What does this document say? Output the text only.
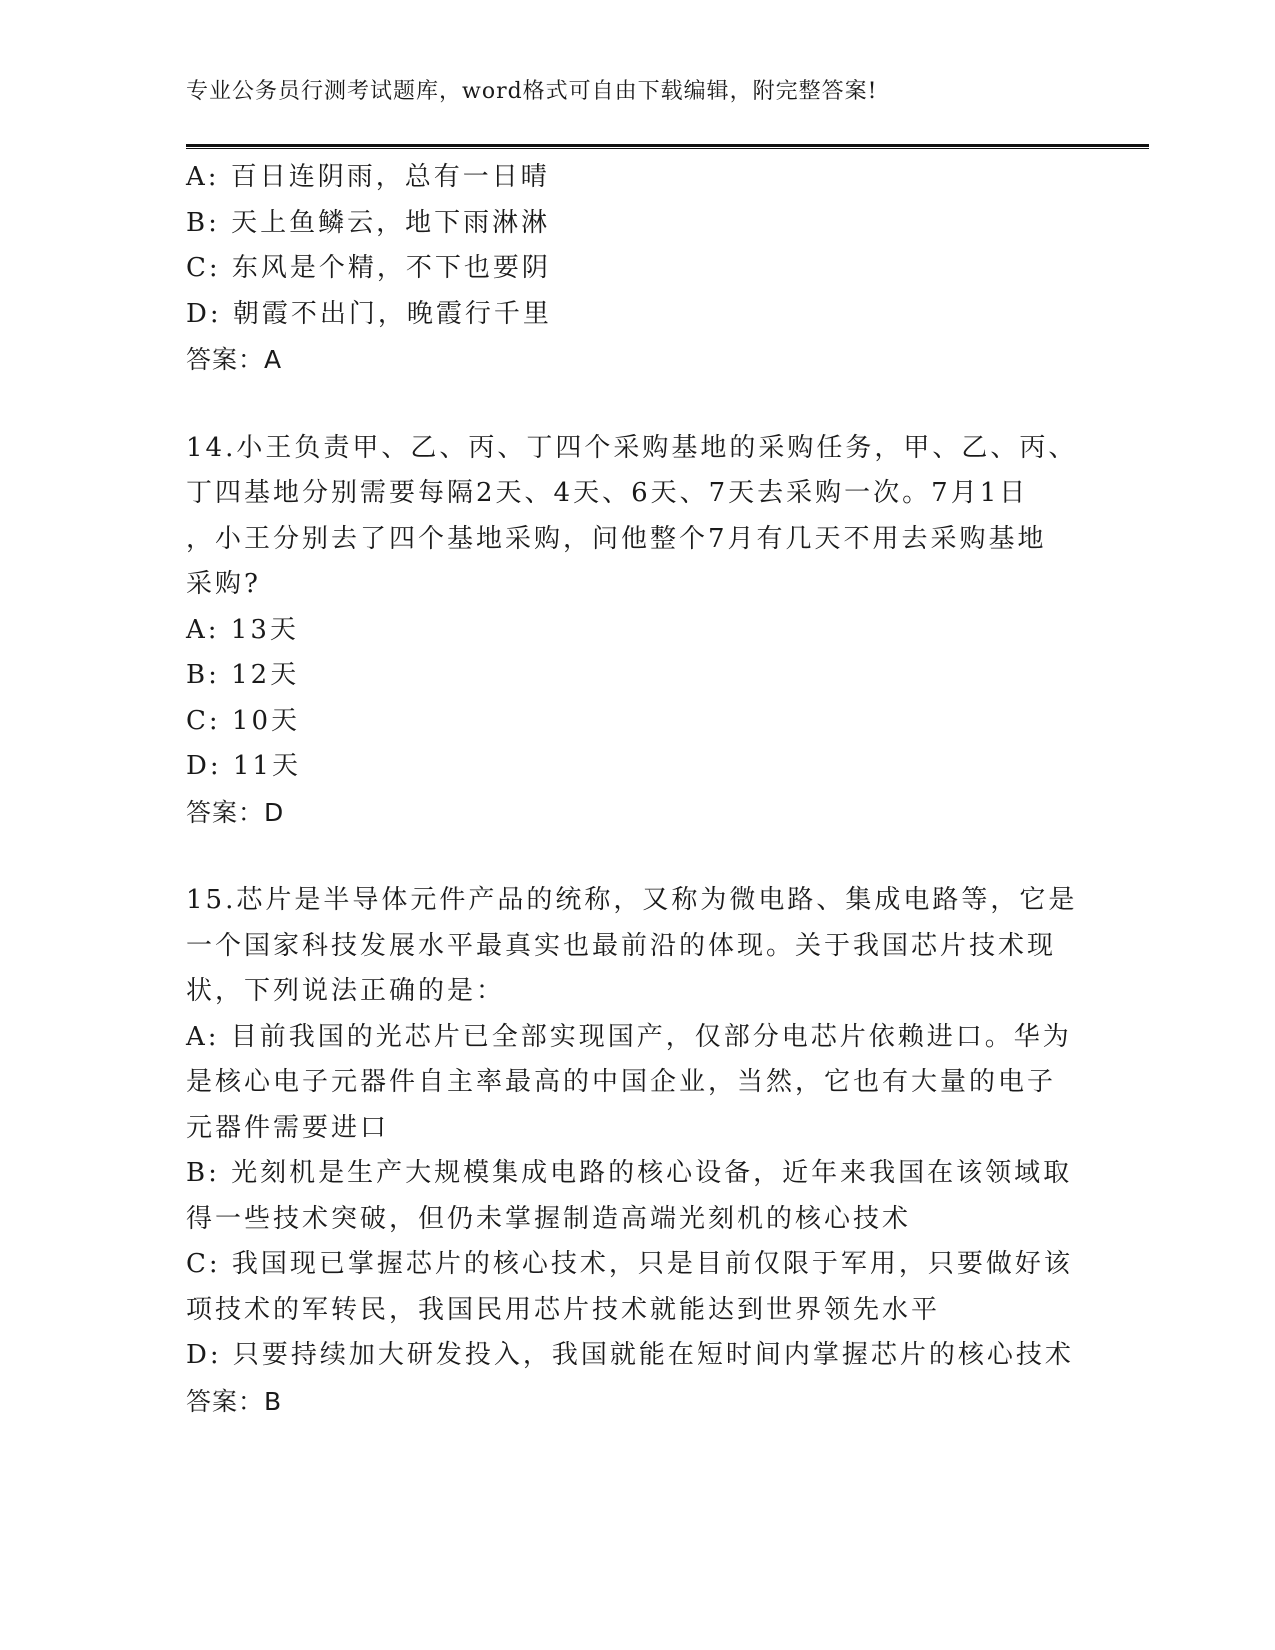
专业公务员行测考试题库，word格式可自由下载编辑，附完整答案!
A: 百日连阴雨，总有一日晴
B: 天上鱼鳞云，地下雨淋淋
C: 东风是个精，不下也要阴
D: 朝霞不出门，晚霞行千里
答案：A
14.小王负责甲、乙、丙、丁四个采购基地的采购任务，甲、乙、丙、
丁四基地分别需要每隔2天、4天、6天、7天去采购一次。7月1日
，小王分别去了四个基地采购，问他整个7月有几天不用去采购基地
采购?
A: 13天
B: 12天
C: 10天
D: 11天
答案：D
15.芯片是半导体元件产品的统称，又称为微电路、集成电路等，它是
一个国家科技发展水平最真实也最前沿的体现。关于我国芯片技术现
状，下列说法正确的是：
A: 目前我国的光芯片已全部实现国产，仅部分电芯片依赖进口。华为
是核心电子元器件自主率最高的中国企业，当然，它也有大量的电子
元器件需要进口
B: 光刻机是生产大规模集成电路的核心设备，近年来我国在该领域取
得一些技术突破，但仍未掌握制造高端光刻机的核心技术
C: 我国现已掌握芯片的核心技术，只是目前仅限于军用，只要做好该
项技术的军转民，我国民用芯片技术就能达到世界领先水平
D: 只要持续加大研发投入，我国就能在短时间内掌握芯片的核心技术
答案：B
